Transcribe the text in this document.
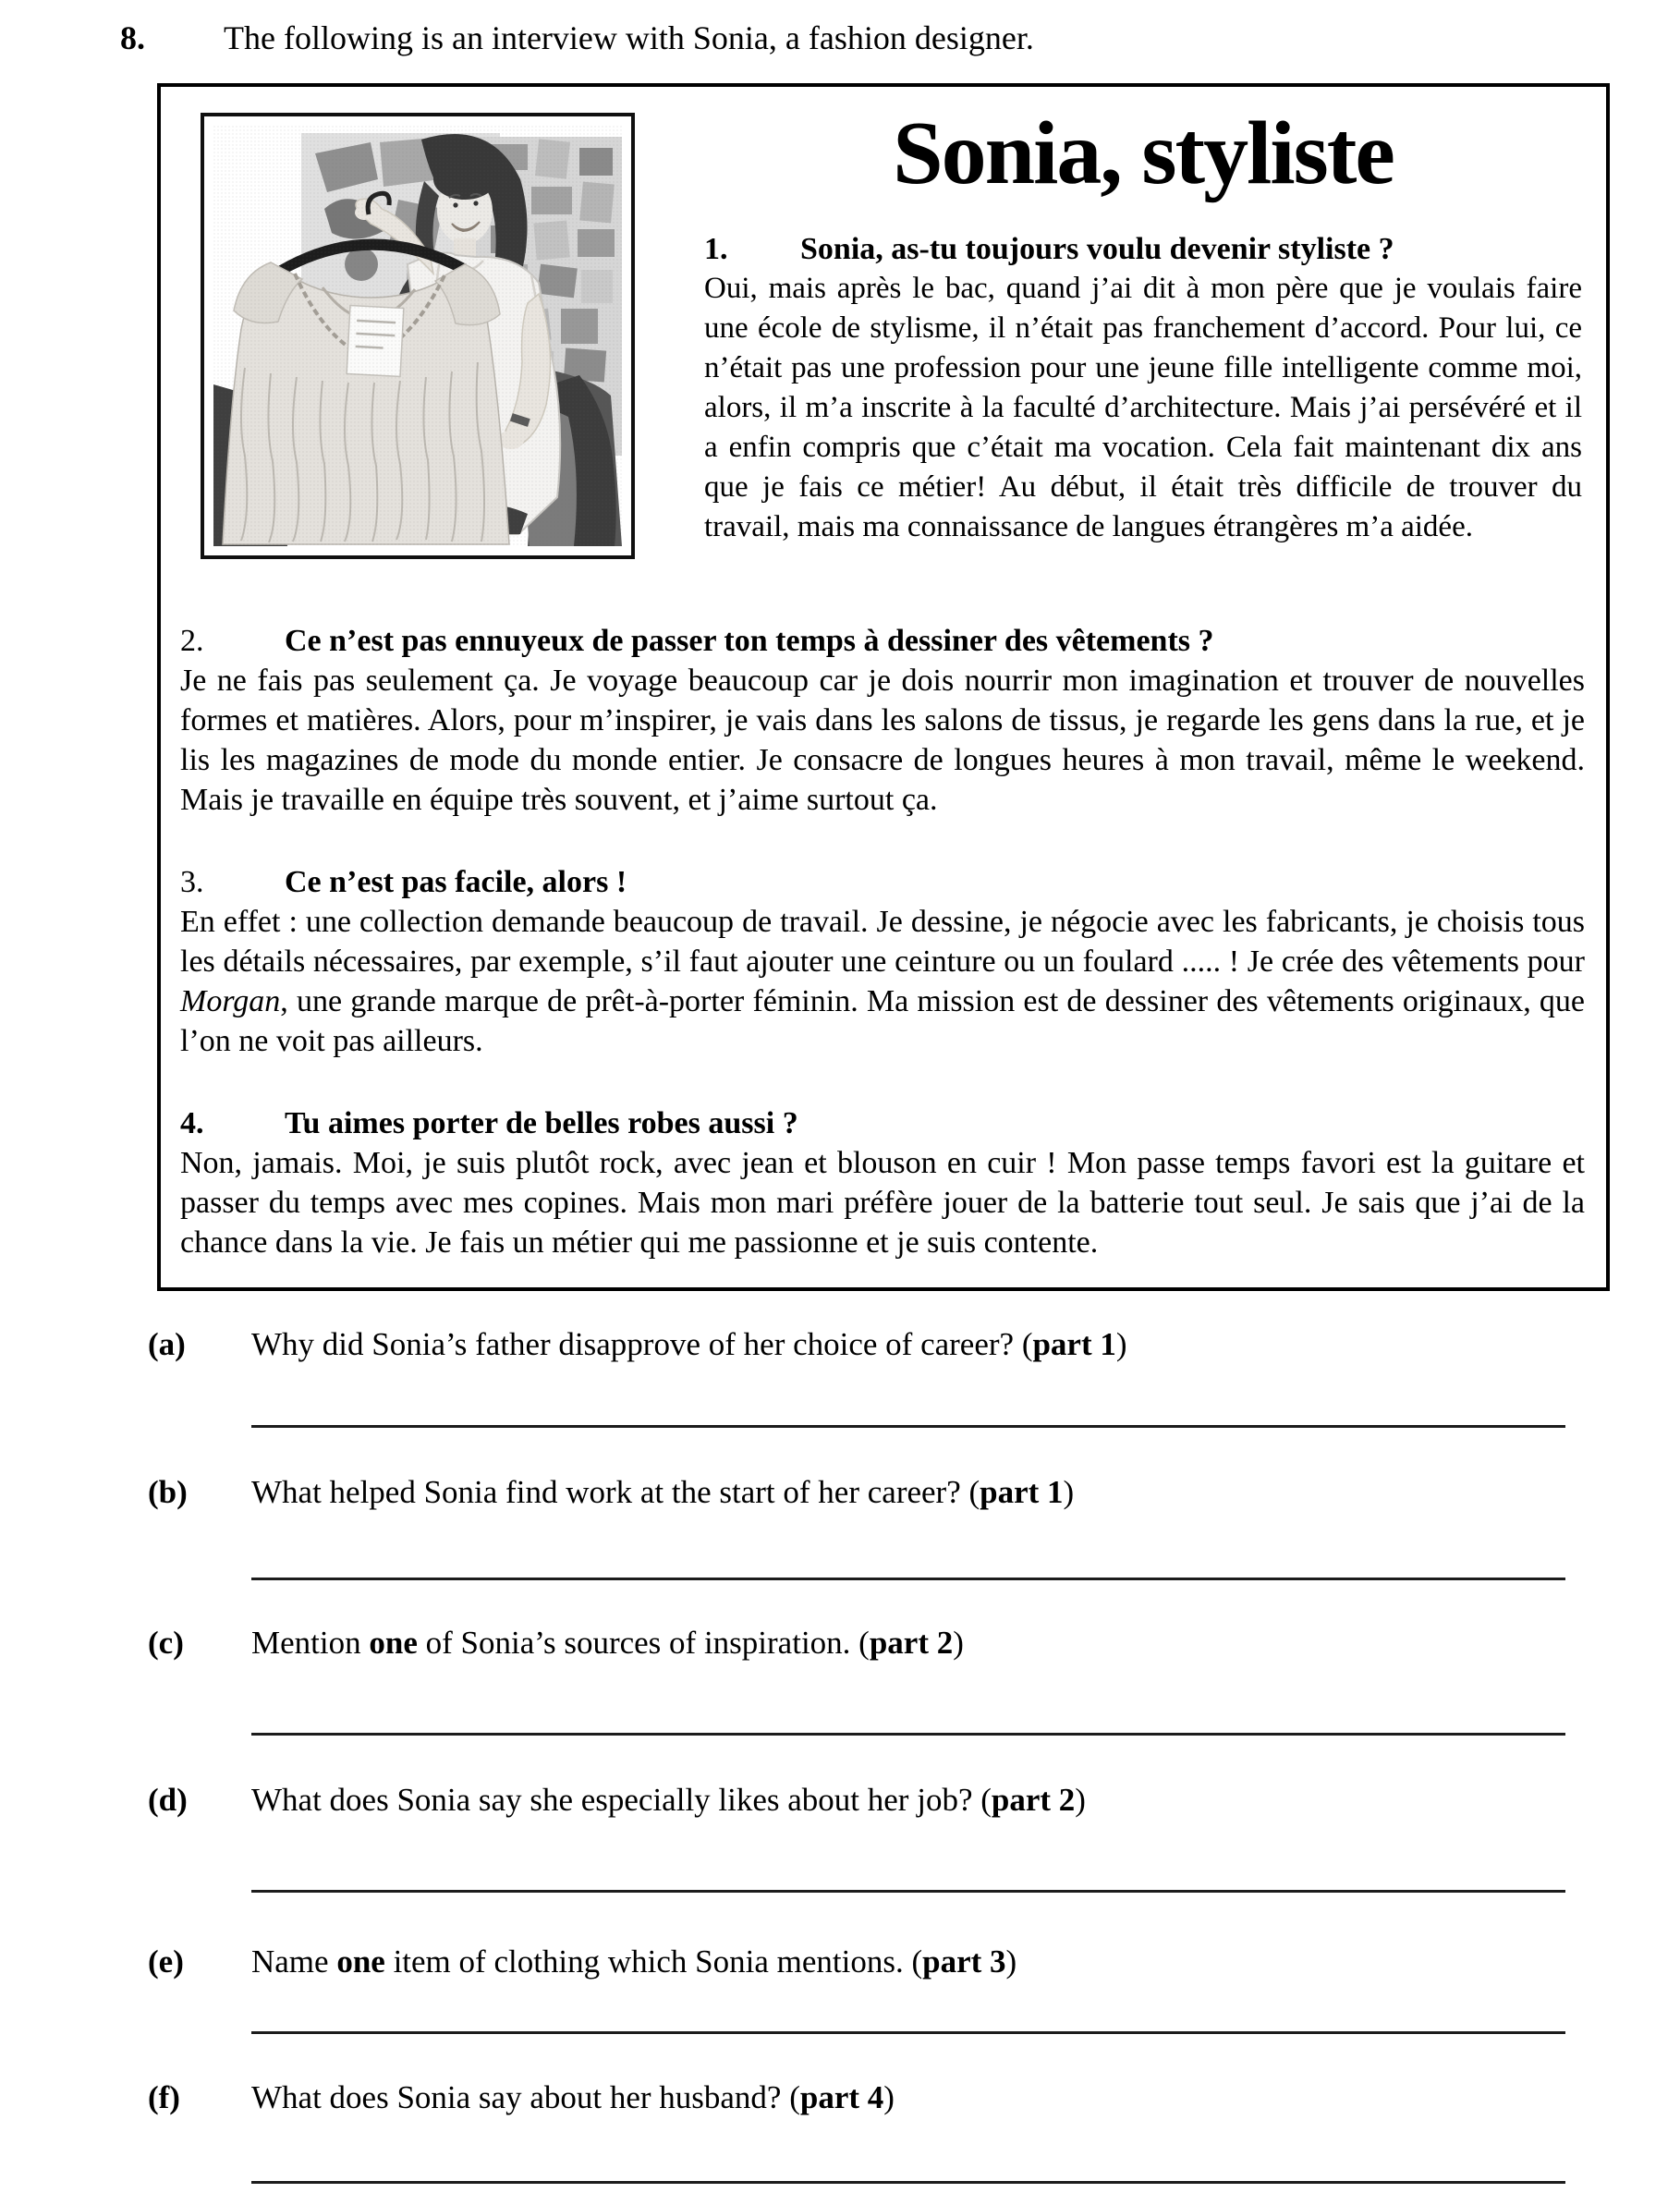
8. The following is an interview with Sonia, a fashion designer.
Sonia, styliste
1.	Sonia, as-tu toujours voulu devenir styliste ?
Oui, mais après le bac, quand j’ai dit à mon père que je voulais faire une école de stylisme, il n’était pas franchement d’accord. Pour lui, ce n’était pas une profession pour une jeune fille intelligente comme moi, alors, il m’a inscrite à la faculté d’architecture. Mais j’ai persévéré et il a enfin compris que c’était ma vocation. Cela fait maintenant dix ans que je fais ce métier! Au début, il était très difficile de trouver du travail, mais ma connaissance de langues étrangères m’a aidée.
2.	Ce n’est pas ennuyeux de passer ton temps à dessiner des vêtements ?
Je ne fais pas seulement ça. Je voyage beaucoup car je dois nourrir mon imagination et trouver de nouvelles formes et matières. Alors, pour m’inspirer, je vais dans les salons de tissus, je regarde les gens dans la rue, et je lis les magazines de mode du monde entier. Je consacre de longues heures à mon travail, même le weekend. Mais je travaille en équipe très souvent, et j’aime surtout ça.
3.	Ce n’est pas facile, alors !
En effet : une collection demande beaucoup de travail. Je dessine, je négocie avec les fabricants, je choisis tous les détails nécessaires, par exemple, s’il faut ajouter une ceinture ou un foulard ..... ! Je crée des vêtements pour Morgan, une grande marque de prêt-à-porter féminin. Ma mission est de dessiner des vêtements originaux, que l’on ne voit pas ailleurs.
4.	Tu aimes porter de belles robes aussi ?
Non, jamais. Moi, je suis plutôt rock, avec jean et blouson en cuir ! Mon passe temps favori est la guitare et passer du temps avec mes copines. Mais mon mari préfère jouer de la batterie tout seul. Je sais que j’ai de la chance dans la vie. Je fais un métier qui me passionne et je suis contente.
(a)	Why did Sonia’s father disapprove of her choice of career? (part 1)
(b)	What helped Sonia find work at the start of her career? (part 1)
(c)	Mention one of Sonia’s sources of inspiration. (part 2)
(d)	What does Sonia say she especially likes about her job? (part 2)
(e)	Name one item of clothing which Sonia mentions. (part 3)
(f)	What does Sonia say about her husband? (part 4)
